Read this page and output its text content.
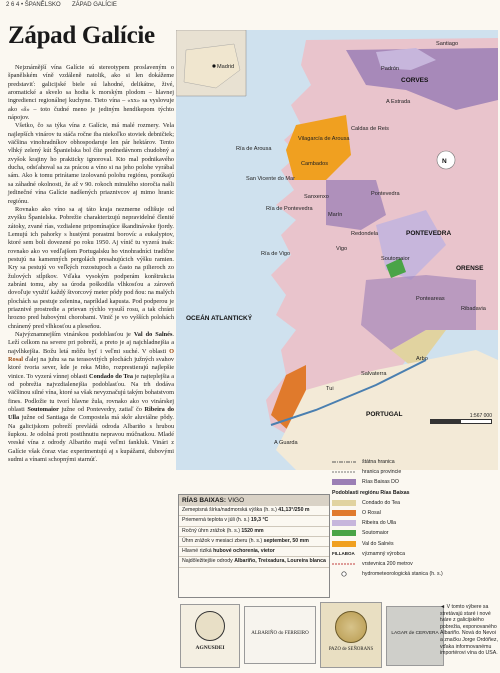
2 6 4 • ŠPANĚLSKO ZÁPAD GALÍCIE
Západ Galície

Nejznámější vína Galície sú stereotypem proslaveným o španělském víně vzdáleně natolik, ako si len dokážeme predstaviť: galicijské biele sú lahodné, delikátne, živé, aromatické a skvelo sa hodia k morským plodom – hlavnej ingredienci regionálnej kuchyne. Tieto vína – «xx» sa vyslovuje ako «š» – toto čudné meno je jediným hendikepom týchto nápojov.

Všetko, čo sa týka vína z Galície, má malé rozmery. Vela najlepších vinárov tu stáča ročne iba niekoľko stoviek debničiek; väčšina vinohradníkov obhospodaruje len pár hektárov. Tento vlhký zelený kút Španielska bol číte prednedávnom chudobný a zvyšok krajiny ho prakticky ignoroval. Kto mal podnikavého ducha, odsťahoval sa za prácou a víno si na jeho polohe vyrábal sám. Ako k tomu prirátame izolovanú polohu regiónu, ponúkajú sa záhadné okolnosti, že až v 90. rokoch minulého storočia našli jedinečné vína Galície nadšených priaznivcov aj mimo hranic regiónu.

Rovnako ako víno sa aj táto kraja nezmerne odlišuje od zvyšku Španielska. Pobrežie charakterizujú nepravidelné členité zátoky, zvané rías, vzdialene pripomínajúce škandinávske fjordy. Lemujú ich pahorky s hustými porastmi borovíc a eukalyptov, ktoré sem boli dovezené po roku 1950. Aj vínič tu vyzerá inak: rovnako ako vo vedľajšom Portugalsku ho vinohradníci tradične pestujú na kamenných pergolách presahujúcich výšku ramien. Kry sa pestujú vo veľkých rozostupoch a často na pilieroch zo žulových stĺpikov. Vďaka vysokým podperám konštrukcia zabráni tomu, aby sa úroda poškodila vlhkosťou a zároveň dovoľuje využiť každý štvorcový meter pôdy pod ňou: na malých plochách sa pestuje zelenina, napríklad kapusta. Pod podperou je priaznivé prostredie a prievan rýchlo vysuší rosu, a tak chráni hrozno pred hubovými chorobami. Vinič je vo vyšších polohách chránený pred vlhkosťou a pleseňou.

Najvýznamnejším vinárskou podoblasťou je Val do Salnés. Leží celkom na severe pri pobreží, a preto je aj najchladnejšia a najvlhkejšia. Božu letá môžu byť i veľmi suché. V oblasti O Rosal ďalej na juhu sa na terasovitých plochách južných svahov ktoré tvoria sever, kde je reka Miño, rozprestierajú najlepšie vinice. To vyzerá vínnej oblasti Condado do Tea je najteplejšia a od pobrežia najvzdialenejšia podoblasťou. Na trh dodáva väčšinou silné vína, ktoré sa však nevyznačujú takým bohatstvom fines. Podložie tu tvorí hlavne žula, rovnako ako vo vinárskej oblasti Soutomaior južne od Pontevedry, zatiaľ čo Ribeira do Ulla južne od Santiaga de Compostela má skôr aluviálne pôdy. Na galicijskom pobreží prevládá odroda Albariño s hrubou šupkou. Je odolná proti postihnutiu nepravou múčnatkou. Mladé vreské vína z odrody Albariño majú veľmi fankluk. Vinári z Galície však čoraz viac experimentujú aj s kupážami, dubovými sudmi a vínami schopnými starnúť.

Madrid
N
CORVES
A Estrada
Vilagarcía de Arousa
Cambados
Sanxenxo
Marín
Pontevedra
PONTEVEDRA
ORENSE
Vigo
Ponteareas
Soutomaior
PORTUGAL
A Guarda
Tui
Salvaterra
Arbo
Ribadavia
Redondela
Caldas de Reis
Padrón
Santiago
San Vicente do Mar
Ría de Arousa
Ría de Pontevedra
Ría de Vigo
OCEÁN ATLANTICKÝ
1:567 000
štátna hranica
hranica provincie
Rías Baixas DO
Podoblasti regiónu Rías Baixas
Condado do Tea
O Rosal
Ribeira do Ulla
Soutomaior
Val do Salnés
FILLABOA významný výrobca
vrstevnica 200 metrov
hydrometeorologická stanica (h. s.)
RÍAS BAIXAS: VIGO
Zemepisná šírka/nadmorská výška (h. s.) 41,13°/250 m
Priemerná teplota v júli (h. s.) 19,3 °C
Ročný úhrn zrážok (h. s.) 1520 mm
Úhrn zrážok v mesiaci zberu (h. s.) september, 50 mm
Hlavné riziká hubové ochorenia, vietor
Najdôležitejšie odrody Albariño, Treixadura, Loureira blanca
AGNUSDEI
ALBARIÑO do FERREIRO
PAZO de SEÑORANS
LAGAR de CERVERA
◄ V tomto výbere sa stretávajú staré i nové tváre z galicijského pobrežia, exponovaného Albariño. Nová do Nevoi a značku Jorge Ordóñez, vďaka informovanému importérovi vína do USA.
